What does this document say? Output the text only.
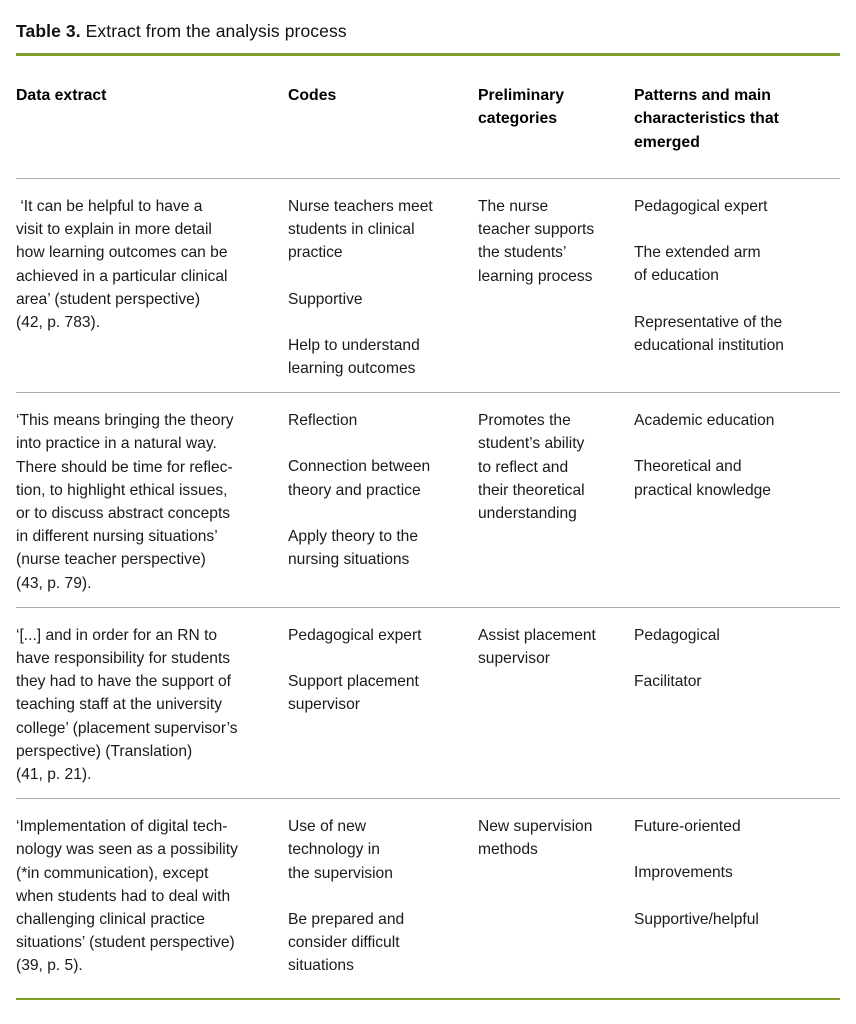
Table 3. Extract from the analysis process
Data extract	Codes	Preliminary
categories
Patterns and main
characteristics that
emerged
‘It can be helpful to have a
visit to explain in more detail
how learning outcomes can be
achieved in a particular clinical
area’ (student perspective)
(42, p. 783).

Nurse teachers meet
students in clinical
practice

Supportive

Help to understand
learning outcomes

The nurse
teacher supports
the students’
learning process

Pedagogical expert

The extended arm
of education

Representative of the
educational institution

‘This means bringing the theory
into practice in a natural way.
There should be time for reflec-
tion, to highlight ethical issues,
or to discuss abstract concepts
in different nursing situations’
(nurse teacher perspective)
(43, p. 79).

Reflection

Connection between
theory and practice

Apply theory to the
nursing situations

Promotes the
student’s ability
to reflect and
their theoretical
understanding

Academic education

Theoretical and
practical knowledge

‘[...] and in order for an RN to
have responsibility for students
they had to have the support of
teaching staff at the university
college’ (placement supervisor’s
perspective) (Translation)
(41, p. 21).

Pedagogical expert

Support placement
supervisor

Assist placement
supervisor

Pedagogical

Facilitator

‘Implementation of digital tech-
nology was seen as a possibility
(*in communication), except
when students had to deal with
challenging clinical practice
situations’ (student perspective)
(39, p. 5).

Use of new
technology in
the supervision

Be prepared and
consider difficult
situations

New supervision
methods

Future-oriented

Improvements

Supportive/helpful
